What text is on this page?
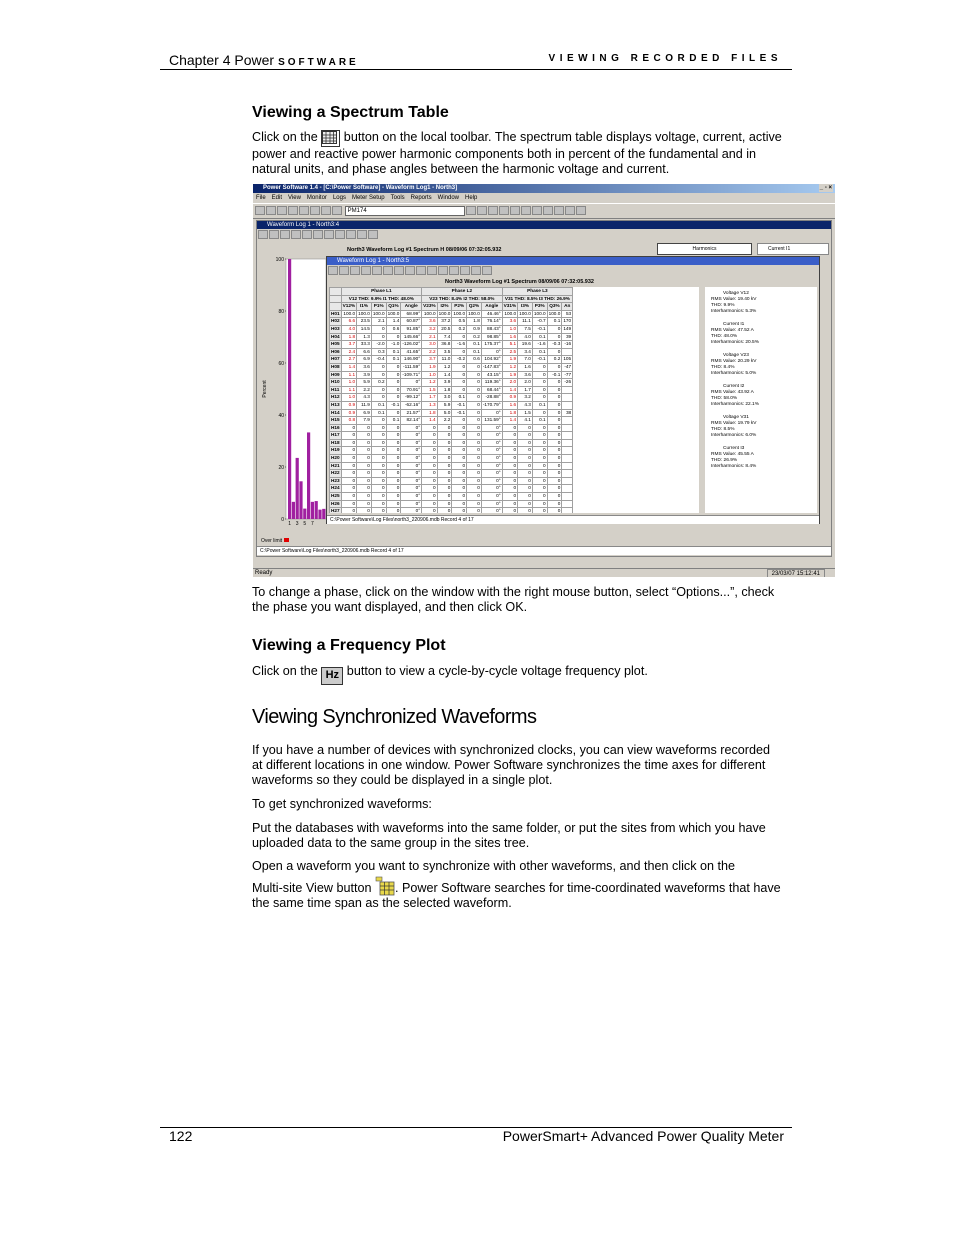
Chapter 4 Power SOFTWARE	VIEWING RECORDED FILES
Viewing a Spectrum Table
Click on the  button on the local toolbar. The spectrum table displays voltage, current, active power and reactive power harmonic components both in percent of the fundamental and in natural units, and phase angles between the harmonic voltage and current.
Power Software 1.4 - [C:\Power Software] - Waveform Log1 - North3]	_ ▫ ×
File Edit View Monitor Logs Meter Setup Tools Reports Window Help
PM174
Waveform Log 1 - North3:4
North3 Waveform Log #1 Spectrum H 08/09/06 07:32:05.932	Harmonics	Current I1
100
80
60
40
20
0
Percent
1 3 5 7
Over limit
C:\Power Software\Log Files\north3_220906.mdb Record 4 of 17
Waveform Log 1 - North3:5
North3 Waveform Log #1 Spectrum 08/09/06 07:32:05.932
	Phase L1					Phase L2					Phase L3				
	V12 THD: 9.9% I1 THD: 48.0%					V23 THD: 8.4% I2 THD: 58.0%					V31 THD: 8.5% I3 THD: 26.9%				
	V12%	I1%	P1%	Q1%	Angle	V23%	I2%	P2%	Q2%	Angle	V31%	I3%	P3%	Q3%	An
H01	100.0	100.0	100.0	100.0	68.99°	100.0	100.0	100.0	100.0	46.46°	100.0	100.0	100.0	100.0	53
H02	6.6	23.5	2.1	1.4	60.87°	3.6	37.2	0.5	1.8	76.14°	3.6	11.1	-0.7	0.1	170
H03	4.0	14.5	0	0.6	91.85°	3.2	20.5	0.2	0.9	88.43°	1.0	7.5	-0.1	0	149
H04	1.8	1.3	0	0	145.66°	2.1	7.4	0	0.2	98.85°	1.6	4.0	0.1	0	39
H05	3.7	33.3	-2.0	-1.0	-126.02°	3.0	36.8	-1.6	0.1	175.37°	5.1	19.6	-1.6	-0.3	-16
H06	2.4	6.6	0.3	0.1	41.65°	2.2	3.5	0	0.1	0°	2.5	3.4	0.1	0	
H07	2.7	6.9	-0.4	0.1	146.90°	3.7	11.0	-0.2	0.6	104.92°	1.9	7.0	-0.1	0.2	105
H08	1.4	3.6	0	0	-111.59°	1.9	1.2	0	0	-147.83°	1.2	1.6	0	0	-47
H09	1.1	3.9	0	0	-109.71°	1.0	1.4	0	0	43.15°	1.9	3.6	0	-0.1	-77
H10	1.0	5.9	0.2	0	0°	1.2	3.9	0	0	119.36°	2.0	2.0	0	0	-26
H11	1.1	2.2	0	0	70.91°	1.5	1.8	0	0	68.44°	1.4	1.7	0	0	
H12	1.0	4.3	0	0	-99.12°	1.7	3.0	0.1	0	-28.88°	0.9	3.2	0	0	
H13	0.9	11.9	0.1	-0.1	-62.16°	1.3	5.9	-0.1	0	-170.79°	1.6	4.3	0.1	0	
H14	0.9	6.9	0.1	0	21.57°	1.8	5.0	-0.1	0	0°	1.8	1.5	0	0	38
H15	0.8	7.9	0	0.1	82.14°	1.4	2.2	0	0	131.59°	1.4	4.1	0.1	0	
H16	0	0	0	0	0°	0	0	0	0	0°	0	0	0	0	
H17	0	0	0	0	0°	0	0	0	0	0°	0	0	0	0	
H18	0	0	0	0	0°	0	0	0	0	0°	0	0	0	0	
H19	0	0	0	0	0°	0	0	0	0	0°	0	0	0	0	
H20	0	0	0	0	0°	0	0	0	0	0°	0	0	0	0	
H21	0	0	0	0	0°	0	0	0	0	0°	0	0	0	0	
H22	0	0	0	0	0°	0	0	0	0	0°	0	0	0	0	
H23	0	0	0	0	0°	0	0	0	0	0°	0	0	0	0	
H24	0	0	0	0	0°	0	0	0	0	0°	0	0	0	0	
H25	0	0	0	0	0°	0	0	0	0	0°	0	0	0	0	
H26	0	0	0	0	0°	0	0	0	0	0°	0	0	0	0	
H27	0	0	0	0	0°	0	0	0	0	0°	0	0	0	0	
Voltage V12
RMS Value: 19.40 kV
THD: 9.9%
Interharmonics: 5.3%
Current I1
RMS Value: 47.52 A
THD: 48.0%
Interharmonics: 20.5%
Voltage V23
RMS Value: 20.29 kV
THD: 8.4%
Interharmonics: 5.0%
Current I2
RMS Value: 43.92 A
THD: 58.0%
Interharmonics: 22.1%
Voltage V31
RMS Value: 19.79 kV
THD: 8.5%
Interharmonics: 6.0%
Current I3
RMS Value: 45.55 A
THD: 26.9%
Interharmonics: 8.4%
C:\Power Software\Log Files\north3_220906.mdb Record 4 of 17
Ready	23/03/07 15:12:41
To change a phase, click on the window with the right mouse button, select “Options...”, check the phase you want displayed, and then click OK.
Viewing a Frequency Plot
Click on the Hz button to view a cycle-by-cycle voltage frequency plot.
Viewing Synchronized Waveforms
If you have a number of devices with synchronized clocks, you can view waveforms recorded at different locations in one window. Power Software synchronizes the time axes for different waveforms so they could be displayed in a single plot.
To get synchronized waveforms:
Put the databases with waveforms into the same folder, or put the sites from which you have uploaded data to the same group in the sites tree.
Open a waveform you want to synchronize with other waveforms, and then click on the
Multi-site View button . Power Software searches for time-coordinated waveforms that have the same time span as the selected waveform.
122	PowerSmart+ Advanced Power Quality Meter
